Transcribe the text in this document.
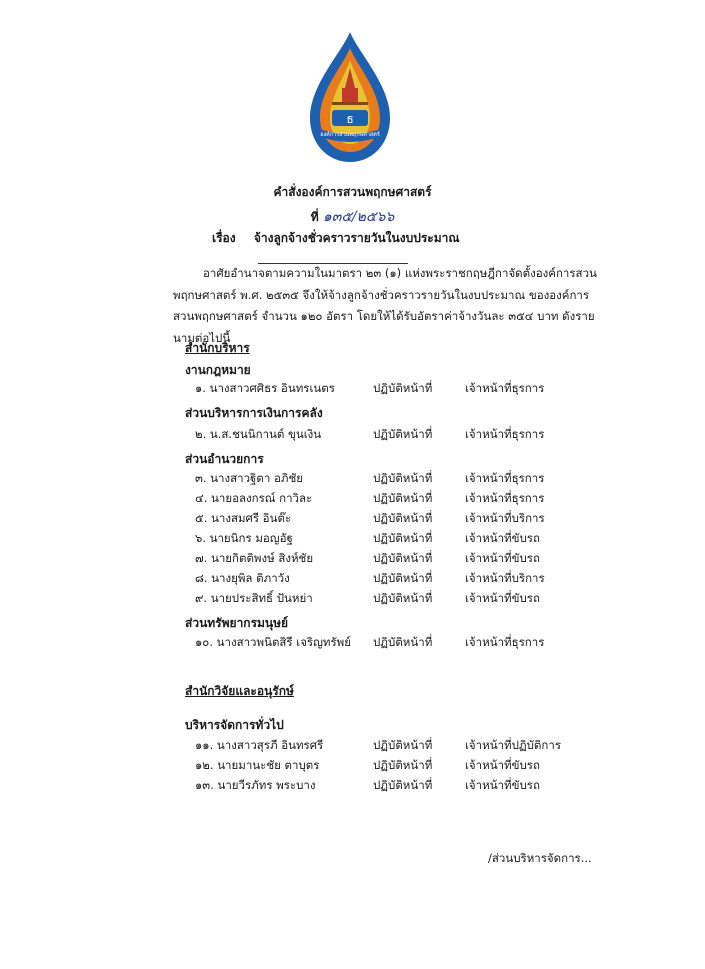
ธ
องค์การสวนพฤกษศาสตร์
คำสั่งองค์การสวนพฤกษศาสตร์
ที่ ๑๓๕/๒๕๖๖
เรื่อง จ้างลูกจ้างชั่วคราวรายวันในงบประมาณ
อาศัยอำนาจตามความในมาตรา ๒๓ (๑) แห่งพระราชกฤษฎีกาจัดตั้งองค์การสวนพฤกษศาสตร์ พ.ศ. ๒๕๓๕ จึงให้จ้างลูกจ้างชั่วคราวรายวันในงบประมาณ ขององค์การสวนพฤกษศาสตร์ จำนวน ๑๒๐ อัตรา โดยให้ได้รับอัตราค่าจ้างวันละ ๓๕๔ บาท ดังรายนามต่อไปนี้
สำนักบริหาร
งานกฎหมาย
๑. นางสาวศศิธร อินทรเนตร	ปฏิบัติหน้าที่	เจ้าหน้าที่ธุรการ
ส่วนบริหารการเงินการคลัง
๒. น.ส.ชนนิกานต์ ขุนเงิน	ปฏิบัติหน้าที่	เจ้าหน้าที่ธุรการ
ส่วนอำนวยการ
๓. นางสาวฐิตา อภิชัย	ปฏิบัติหน้าที่	เจ้าหน้าที่ธุรการ
๔. นายอลงกรณ์ กาวิละ	ปฏิบัติหน้าที่	เจ้าหน้าที่ธุรการ
๕. นางสมศรี อินต๊ะ	ปฏิบัติหน้าที่	เจ้าหน้าที่บริการ
๖. นายนิกร มอญอัฐ	ปฏิบัติหน้าที่	เจ้าหน้าที่ขับรถ
๗. นายกิตติพงษ์ สิงห์ชัย	ปฏิบัติหน้าที่	เจ้าหน้าที่ขับรถ
๘. นางยุพิล ติภาวัง	ปฏิบัติหน้าที่	เจ้าหน้าที่บริการ
๙. นายประสิทธิ์ ปันหย่า	ปฏิบัติหน้าที่	เจ้าหน้าที่ขับรถ
ส่วนทรัพยากรมนุษย์
๑๐. นางสาวพนิตสิรี เจริญทรัพย์ ปฏิบัติหน้าที่	เจ้าหน้าที่ธุรการ
สำนักวิจัยและอนุรักษ์
บริหารจัดการทั่วไป
๑๑. นางสาวสุรภี อินทรศรี	ปฏิบัติหน้าที่	เจ้าหน้าที่ปฏิบัติการ
๑๒. นายมานะชัย ตาบุตร	ปฏิบัติหน้าที่	เจ้าหน้าที่ขับรถ
๑๓. นายวีรภัทร พระบาง	ปฏิบัติหน้าที่	เจ้าหน้าที่ขับรถ
/ส่วนบริหารจัดการ...
